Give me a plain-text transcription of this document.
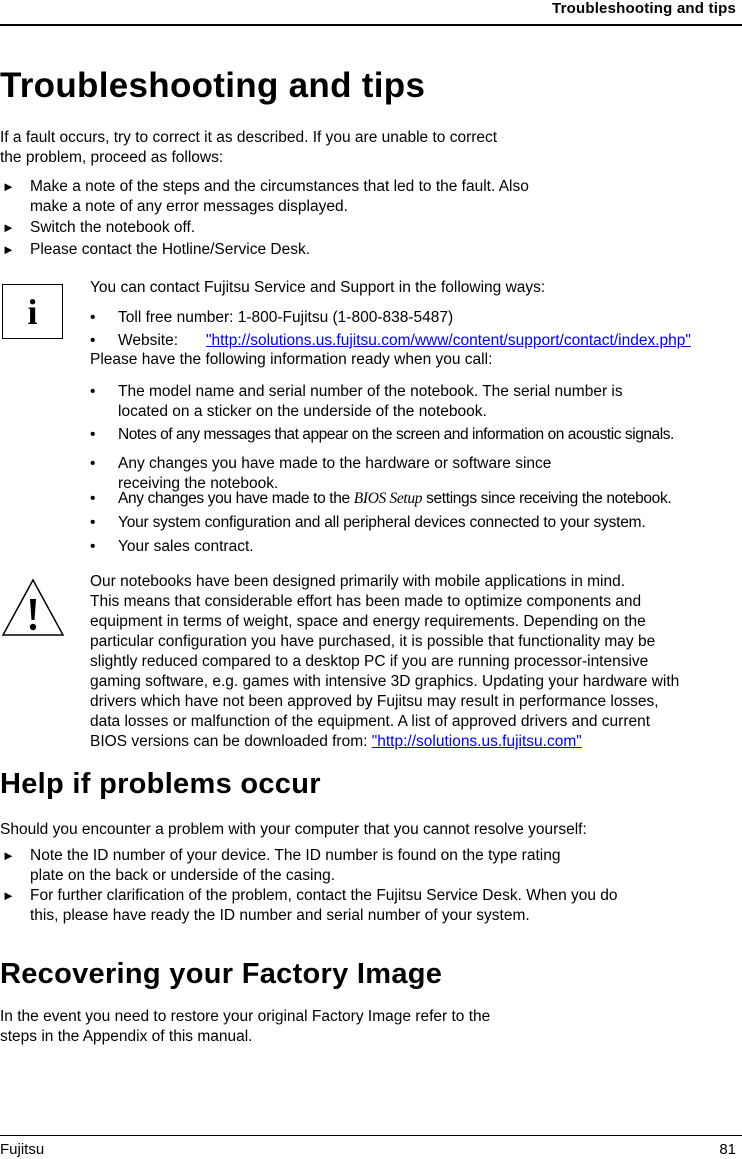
Troubleshooting and tips
Troubleshooting and tips
If a fault occurs, try to correct it as described. If you are unable to correct
the problem, proceed as follows:
► Make a note of the steps and the circumstances that led to the fault. Also
make a note of any error messages displayed.
► Switch the notebook off.
► Please contact the Hotline/Service Desk.
i
You can contact Fujitsu Service and Support in the following ways:
• Toll free number: 1-800-Fujitsu (1-800-838-5487)
• Website: "http://solutions.us.fujitsu.com/www/content/support/contact/index.php"
Please have the following information ready when you call:
• The model name and serial number of the notebook. The serial number is
located on a sticker on the underside of the notebook.
• Notes of any messages that appear on the screen and information on acoustic signals.
• Any changes you have made to the hardware or software since
receiving the notebook.
• Any changes you have made to the BIOS Setup settings since receiving the notebook.
• Your system configuration and all peripheral devices connected to your system.
• Your sales contract.
Our notebooks have been designed primarily with mobile applications in mind.
This means that considerable effort has been made to optimize components and
equipment in terms of weight, space and energy requirements. Depending on the
particular configuration you have purchased, it is possible that functionality may be
slightly reduced compared to a desktop PC if you are running processor-intensive
gaming software, e.g. games with intensive 3D graphics. Updating your hardware with
drivers which have not been approved by Fujitsu may result in performance losses,
data losses or malfunction of the equipment. A list of approved drivers and current
BIOS versions can be downloaded from: "http://solutions.us.fujitsu.com"
Help if problems occur
Should you encounter a problem with your computer that you cannot resolve yourself:
► Note the ID number of your device. The ID number is found on the type rating
plate on the back or underside of the casing.
► For further clarification of the problem, contact the Fujitsu Service Desk. When you do
this, please have ready the ID number and serial number of your system.
Recovering your Factory Image
In the event you need to restore your original Factory Image refer to the
steps in the Appendix of this manual.
Fujitsu	81
